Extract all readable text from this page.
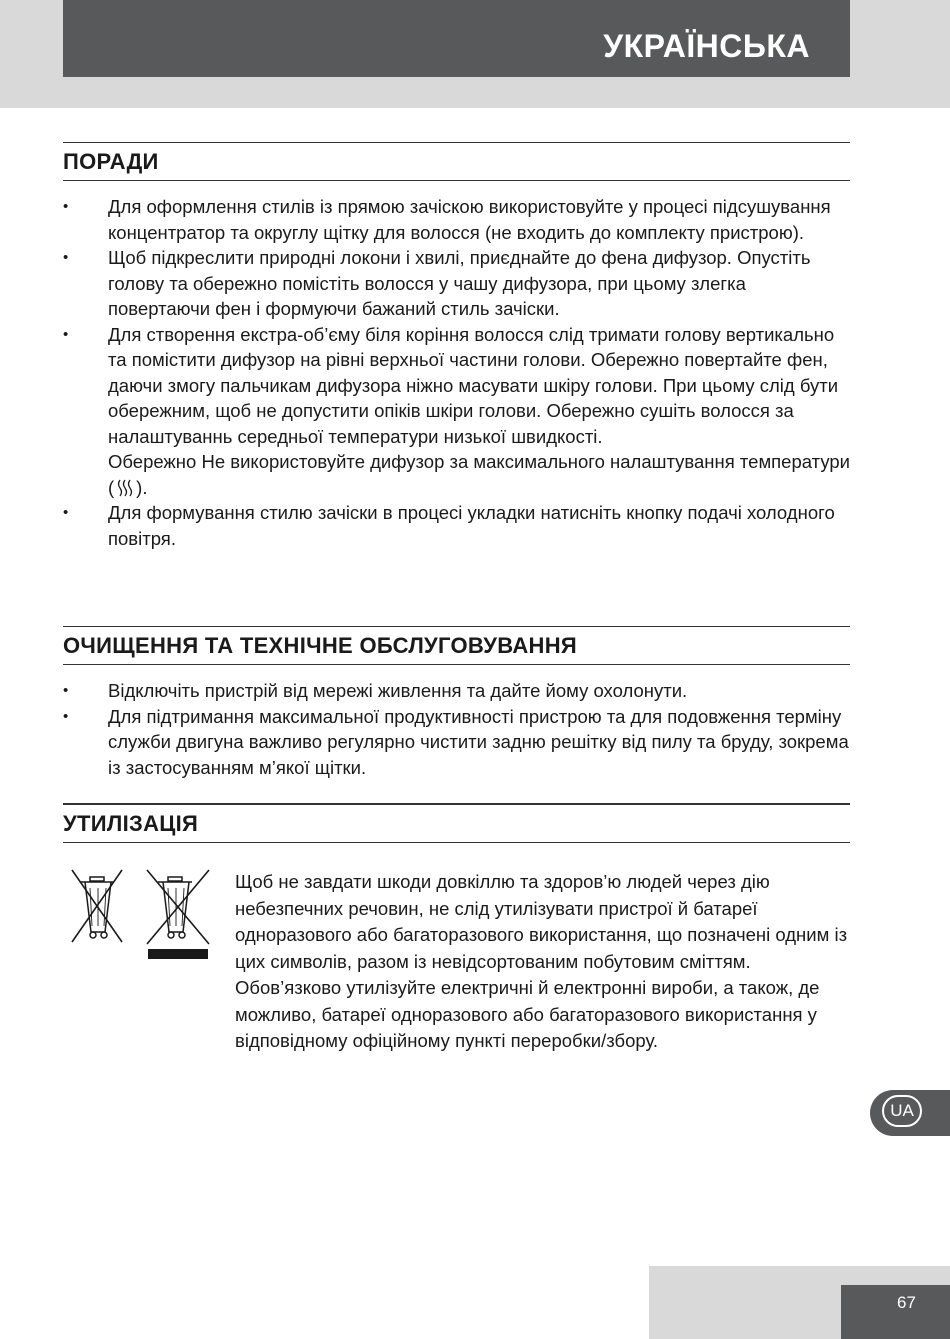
УКРАЇНСЬКА
ПОРАДИ
• Для оформлення стилів із прямою зачіскою використовуйте у процесі підсушування концентратор та округлу щітку для волосся (не входить до комплекту пристрою).
• Щоб підкреслити природні локони і хвилі, приєднайте до фена дифузор. Опустіть голову та обережно помістіть волосся у чашу дифузора, при цьому злегка повертаючи фен і формуючи бажаний стиль зачіски.
• Для створення екстра-об’єму біля коріння волосся слід тримати голову вертикально та помістити дифузор на рівні верхньої частини голови. Обережно повертайте фен, даючи змогу пальчикам дифузора ніжно масувати шкіру голови. При цьому слід бути обережним, щоб не допустити опіків шкіри голови. Обережно сушіть волосся за налаштуваннь середньої температури низької швидкості.
Обережно Не використовуйте дифузор за максимального налаштування температури ( ).
• Для формування стилю зачіски в процесі укладки натисніть кнопку подачі холодного повітря.
ОЧИЩЕННЯ ТА ТЕХНІЧНЕ ОБСЛУГОВУВАННЯ
• Відключіть пристрій від мережі живлення та дайте йому охолонути.
• Для підтримання максимальної продуктивності пристрою та для подовження терміну служби двигуна важливо регулярно чистити задню решітку від пилу та бруду, зокрема із застосуванням м’якої щітки.
УТИЛІЗАЦІЯ
Щоб не завдати шкоди довкіллю та здоров’ю людей через дію небезпечних речовин, не слід утилізувати пристрої й батареї одноразового або багаторазового використання, що позначені одним із цих символів, разом із невідсортованим побутовим сміттям. Обов’язково утилізуйте електричні й електронні вироби, а також, де можливо, батареї одноразового або багаторазового використання у відповідному офіційному пункті переробки/збору.
UA
67
